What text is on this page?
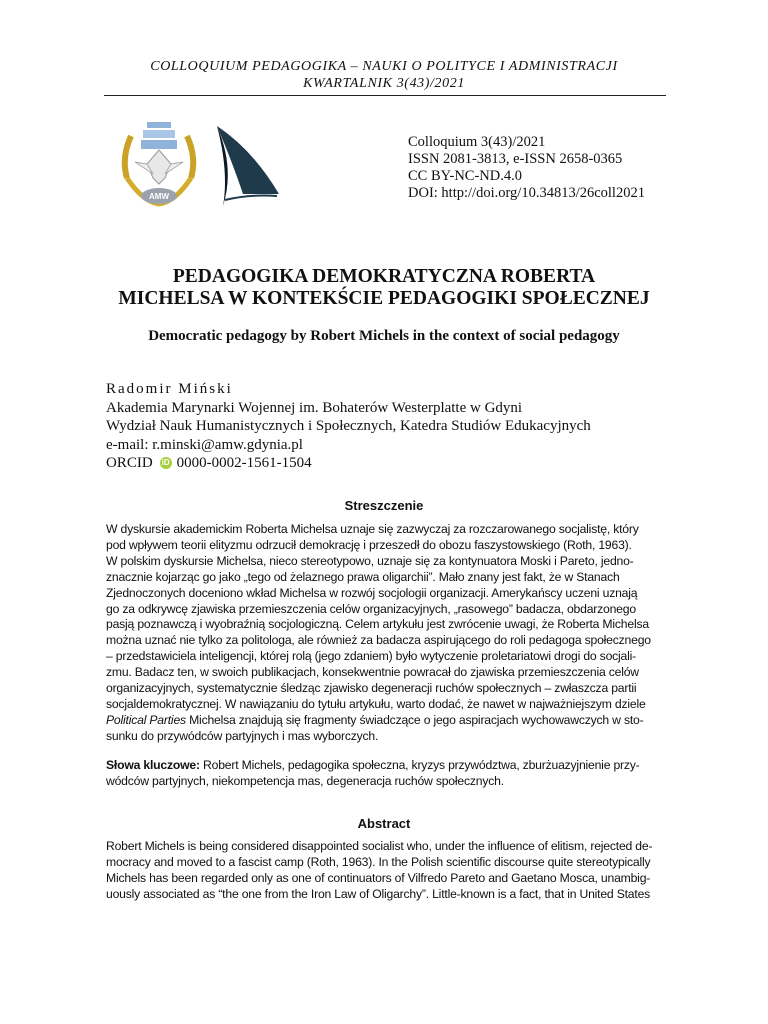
COLLOQUIUM PEDAGOGIKA – NAUKI O POLITYCE I ADMINISTRACJI
KWARTALNIK 3(43)/2021
AMW
Colloquium 3(43)/2021
ISSN 2081-3813, e-ISSN 2658-0365
CC BY-NC-ND.4.0
DOI: http://doi.org/10.34813/26coll2021
PEDAGOGIKA DEMOKRATYCZNA ROBERTA
MICHELSA W KONTEKŚCIE PEDAGOGIKI SPOŁECZNEJ
Democratic pedagogy by Robert Michels in the context of social pedagogy
Radomir Miński
Akademia Marynarki Wojennej im. Bohaterów Westerplatte w Gdyni
Wydział Nauk Humanistycznych i Społecznych, Katedra Studiów Edukacyjnych
e-mail: r.minski@amw.gdynia.pl
ORCID iD 0000-0002-1561-1504
Streszczenie
W dyskursie akademickim Roberta Michelsa uznaje się zazwyczaj za rozczarowanego socjalistę, który
pod wpływem teorii elityzmu odrzucił demokrację i przeszedł do obozu faszystowskiego (Roth, 1963).
W polskim dyskursie Michelsa, nieco stereotypowo, uznaje się za kontynuatora Moski i Pareto, jedno-
znacznie kojarząc go jako „tego od żelaznego prawa oligarchii”. Mało znany jest fakt, że w Stanach
Zjednoczonych doceniono wkład Michelsa w rozwój socjologii organizacji. Amerykańscy uczeni uznają
go za odkrywcę zjawiska przemieszczenia celów organizacyjnych, „rasowego” badacza, obdarzonego
pasją poznawczą i wyobraźnią socjologiczną. Celem artykułu jest zwrócenie uwagi, że Roberta Michelsa
można uznać nie tylko za politologa, ale również za badacza aspirującego do roli pedagoga społecznego
– przedstawiciela inteligencji, której rolą (jego zdaniem) było wytyczenie proletariatowi drogi do socjali-
zmu. Badacz ten, w swoich publikacjach, konsekwentnie powracał do zjawiska przemieszczenia celów
organizacyjnych, systematycznie śledząc zjawisko degeneracji ruchów społecznych – zwłaszcza partii
socjaldemokratycznej. W nawiązaniu do tytułu artykułu, warto dodać, że nawet w najważniejszym dziele
Political Parties Michelsa znajdują się fragmenty świadczące o jego aspiracjach wychowawczych w sto-
sunku do przywódców partyjnych i mas wyborczych.
Słowa kluczowe: Robert Michels, pedagogika społeczna, kryzys przywództwa, zburżuazyjnienie przy-
wódców partyjnych, niekompetencja mas, degeneracja ruchów społecznych.
Abstract
Robert Michels is being considered disappointed socialist who, under the influence of elitism, rejected de-
mocracy and moved to a fascist camp (Roth, 1963). In the Polish scientific discourse quite stereotypically
Michels has been regarded only as one of continuators of Vilfredo Pareto and Gaetano Mosca, unambig-
uously associated as “the one from the Iron Law of Oligarchy”. Little-known is a fact, that in United States
